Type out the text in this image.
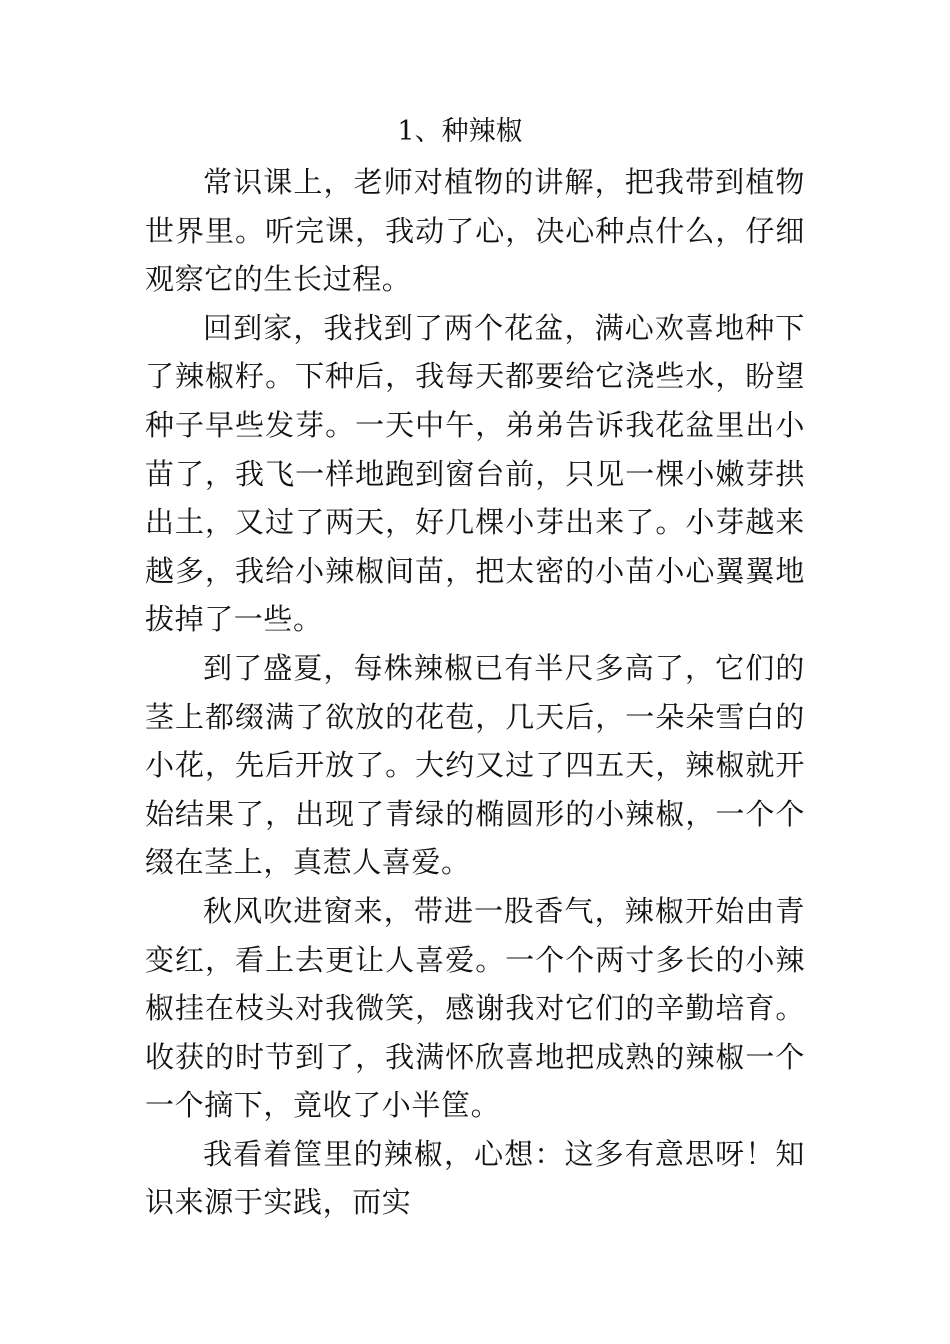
1、种辣椒

常识课上，老师对植物的讲解，把我带到植物世界里。听完课，我动了心，决心种点什么，仔细观察它的生长过程。

回到家，我找到了两个花盆，满心欢喜地种下了辣椒籽。下种后，我每天都要给它浇些水，盼望种子早些发芽。一天中午，弟弟告诉我花盆里出小苗了，我飞一样地跑到窗台前，只见一棵小嫩芽拱出土，又过了两天，好几棵小芽出来了。小芽越来越多，我给小辣椒间苗，把太密的小苗小心翼翼地拔掉了一些。

到了盛夏，每株辣椒已有半尺多高了，它们的茎上都缀满了欲放的花苞，几天后，一朵朵雪白的小花，先后开放了。大约又过了四五天，辣椒就开始结果了，出现了青绿的椭圆形的小辣椒，一个个缀在茎上，真惹人喜爱。

秋风吹进窗来，带进一股香气，辣椒开始由青变红，看上去更让人喜爱。一个个两寸多长的小辣椒挂在枝头对我微笑，感谢我对它们的辛勤培育。收获的时节到了，我满怀欣喜地把成熟的辣椒一个一个摘下，竟收了小半筐。

我看着筐里的辣椒，心想：这多有意思呀！知识来源于实践，而实
